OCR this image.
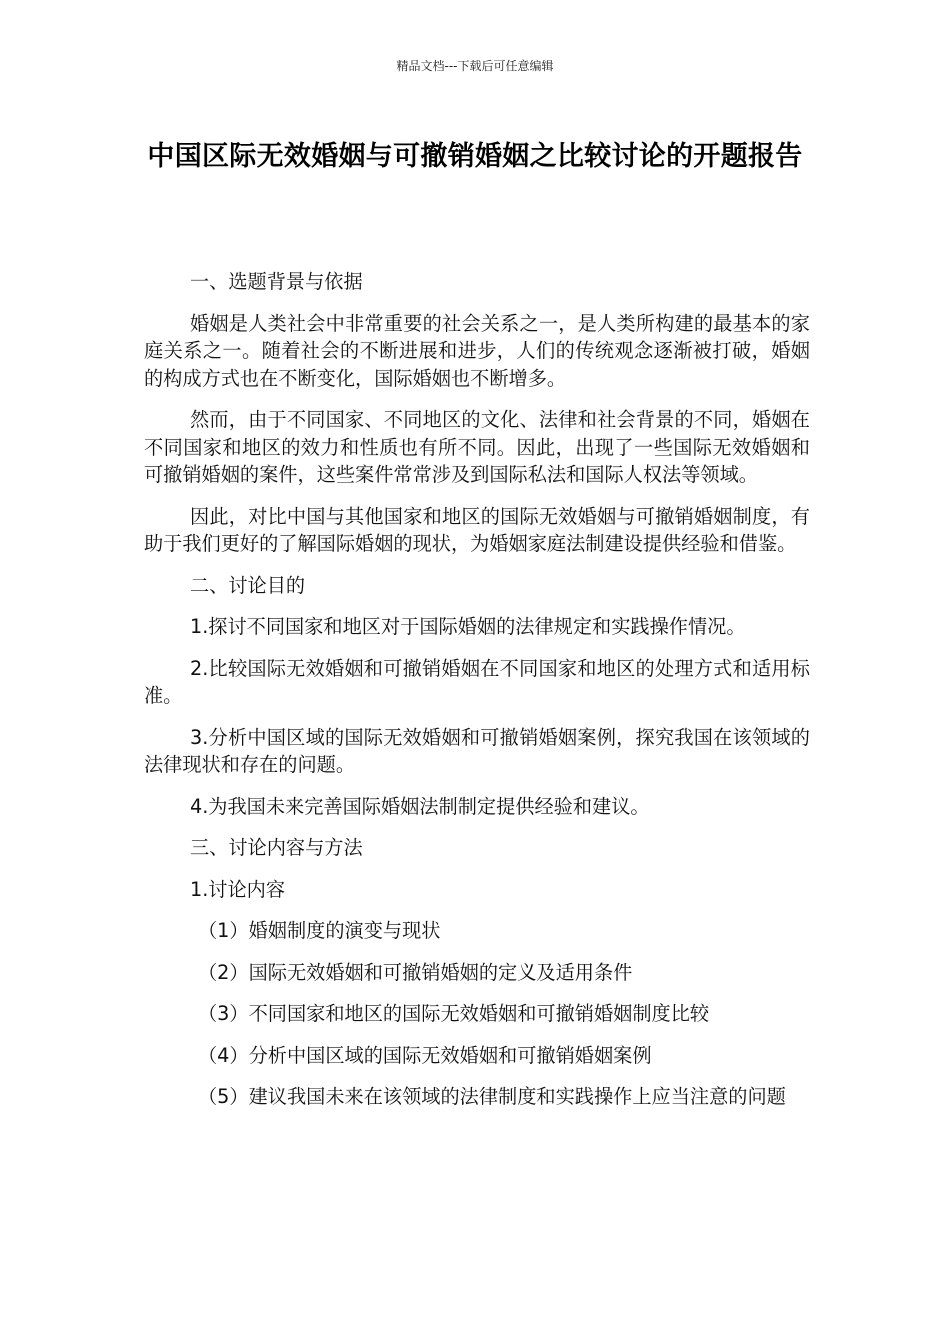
精品文档---下载后可任意编辑
中国区际无效婚姻与可撤销婚姻之比较讨论的开题报告

一、选题背景与依据

婚姻是人类社会中非常重要的社会关系之一，是人类所构建的最基本的家庭关系之一。随着社会的不断进展和进步，人们的传统观念逐渐被打破，婚姻的构成方式也在不断变化，国际婚姻也不断增多。

然而，由于不同国家、不同地区的文化、法律和社会背景的不同，婚姻在不同国家和地区的效力和性质也有所不同。因此，出现了一些国际无效婚姻和可撤销婚姻的案件，这些案件常常涉及到国际私法和国际人权法等领域。

因此，对比中国与其他国家和地区的国际无效婚姻与可撤销婚姻制度，有助于我们更好的了解国际婚姻的现状，为婚姻家庭法制建设提供经验和借鉴。

二、讨论目的

1.探讨不同国家和地区对于国际婚姻的法律规定和实践操作情况。

2.比较国际无效婚姻和可撤销婚姻在不同国家和地区的处理方式和适用标准。

3.分析中国区域的国际无效婚姻和可撤销婚姻案例，探究我国在该领域的法律现状和存在的问题。

4.为我国未来完善国际婚姻法制制定提供经验和建议。

三、讨论内容与方法

1.讨论内容

（1）婚姻制度的演变与现状

（2）国际无效婚姻和可撤销婚姻的定义及适用条件

（3）不同国家和地区的国际无效婚姻和可撤销婚姻制度比较

（4）分析中国区域的国际无效婚姻和可撤销婚姻案例

（5）建议我国未来在该领域的法律制度和实践操作上应当注意的问题
